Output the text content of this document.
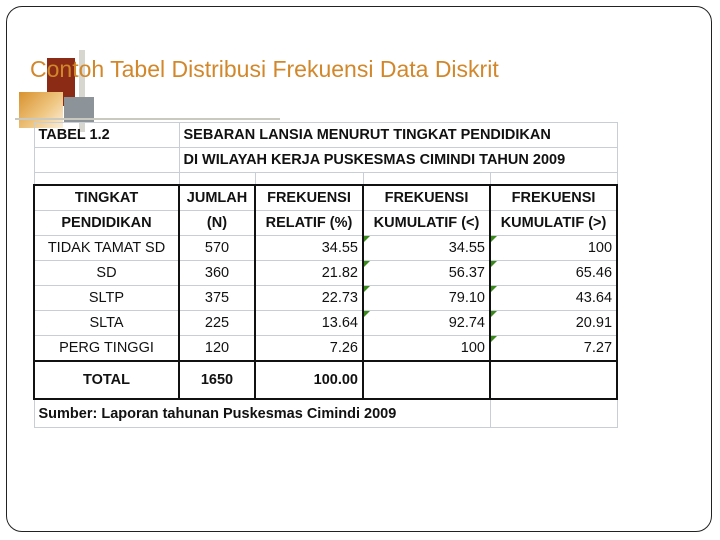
Contoh Tabel Distribusi Frekuensi Data Diskrit
TABEL 1.2	SEBARAN LANSIA MENURUT TINGKAT PENDIDIKAN			
	DI WILAYAH KERJA PUSKESMAS CIMINDI TAHUN 2009			

TINGKAT	JUMLAH	FREKUENSI	FREKUENSI	FREKUENSI
PENDIDIKAN	(N)	RELATIF (%)	KUMULATIF (<)	KUMULATIF (>)
TIDAK TAMAT SD	570	34.55	34.55	100
SD	360	21.82	56.37	65.46
SLTP	375	22.73	79.10	43.64
SLTA	225	13.64	92.74	20.91
PERG TINGGI	120	7.26	100	7.27
TOTAL	1650	100.00		
Sumber: Laporan tahunan Puskesmas Cimindi 2009				
